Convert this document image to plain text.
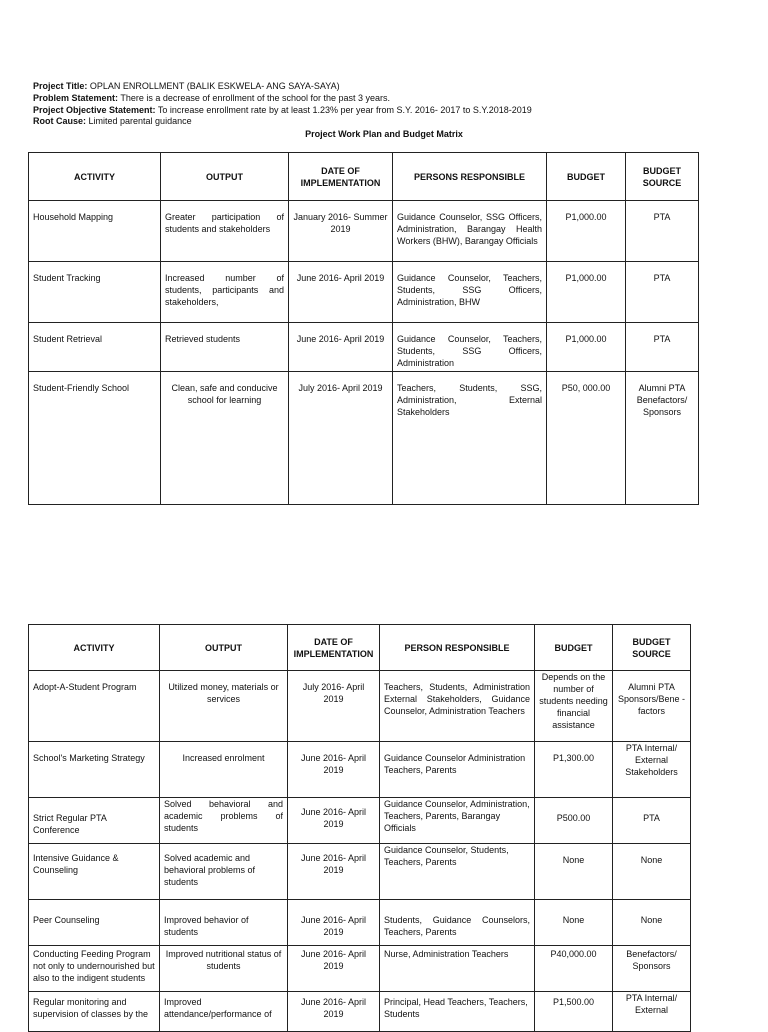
Project Title: OPLAN ENROLLMENT (BALIK ESKWELA- ANG SAYA-SAYA)
Problem Statement: There is a decrease of enrollment of the school for the past 3 years.
Project Objective Statement: To increase enrollment rate by at least 1.23% per year from S.Y. 2016- 2017 to S.Y.2018-2019
Root Cause: Limited parental guidance
Project Work Plan and Budget Matrix
ACTIVITY	OUTPUT	DATE OF IMPLEMENTATION	PERSONS RESPONSIBLE	BUDGET	BUDGET SOURCE
Household Mapping	Greater participation of students and stakeholders	January 2016- Summer 2019	Guidance Counselor, SSG Officers, Administration, Barangay Health Workers (BHW), Barangay Officials	P1,000.00	PTA
Student Tracking	Increased number of students, participants and stakeholders,	June 2016- April 2019	Guidance Counselor, Teachers, Students, SSG Officers, Administration, BHW	P1,000.00	PTA
Student Retrieval	Retrieved students	June 2016- April 2019	Guidance Counselor, Teachers, Students, SSG Officers, Administration	P1,000.00	PTA
Student-Friendly School	Clean, safe and conducive school for learning	July 2016- April 2019	Teachers, Students, SSG, Administration, External Stakeholders	P50, 000.00	Alumni PTA Benefactors/ Sponsors
ACTIVITY	OUTPUT	DATE OF IMPLEMENTATION	PERSON RESPONSIBLE	BUDGET	BUDGET SOURCE
Adopt-A-Student Program	Utilized money, materials or services	July 2016- April 2019	Teachers, Students, Administration External Stakeholders, Guidance Counselor, Administration Teachers	Depends on the number of students needing financial assistance	Alumni PTA Sponsors/Bene -factors
School's Marketing Strategy	Increased enrolment	June 2016- April 2019	Guidance Counselor Administration Teachers, Parents	P1,300.00	PTA Internal/ External Stakeholders
Strict Regular PTA Conference	Solved behavioral and academic problems of students	June 2016- April 2019	Guidance Counselor, Administration, Teachers, Parents, Barangay Officials	P500.00	PTA
Intensive Guidance & Counseling	Solved academic and behavioral problems of students	June 2016- April 2019	Guidance Counselor, Students, Teachers, Parents	None	None
Peer Counseling	Improved behavior of students	June 2016- April 2019	Students, Guidance Counselors, Teachers, Parents	None	None
Conducting Feeding Program not only to undernourished but also to the indigent students	Improved nutritional status of students	June 2016- April 2019	Nurse, Administration Teachers	P40,000.00	Benefactors/ Sponsors
Regular monitoring and supervision of classes by the	Improved attendance/performance of	June 2016- April 2019	Principal, Head Teachers, Teachers, Students	P1,500.00	PTA Internal/ External
